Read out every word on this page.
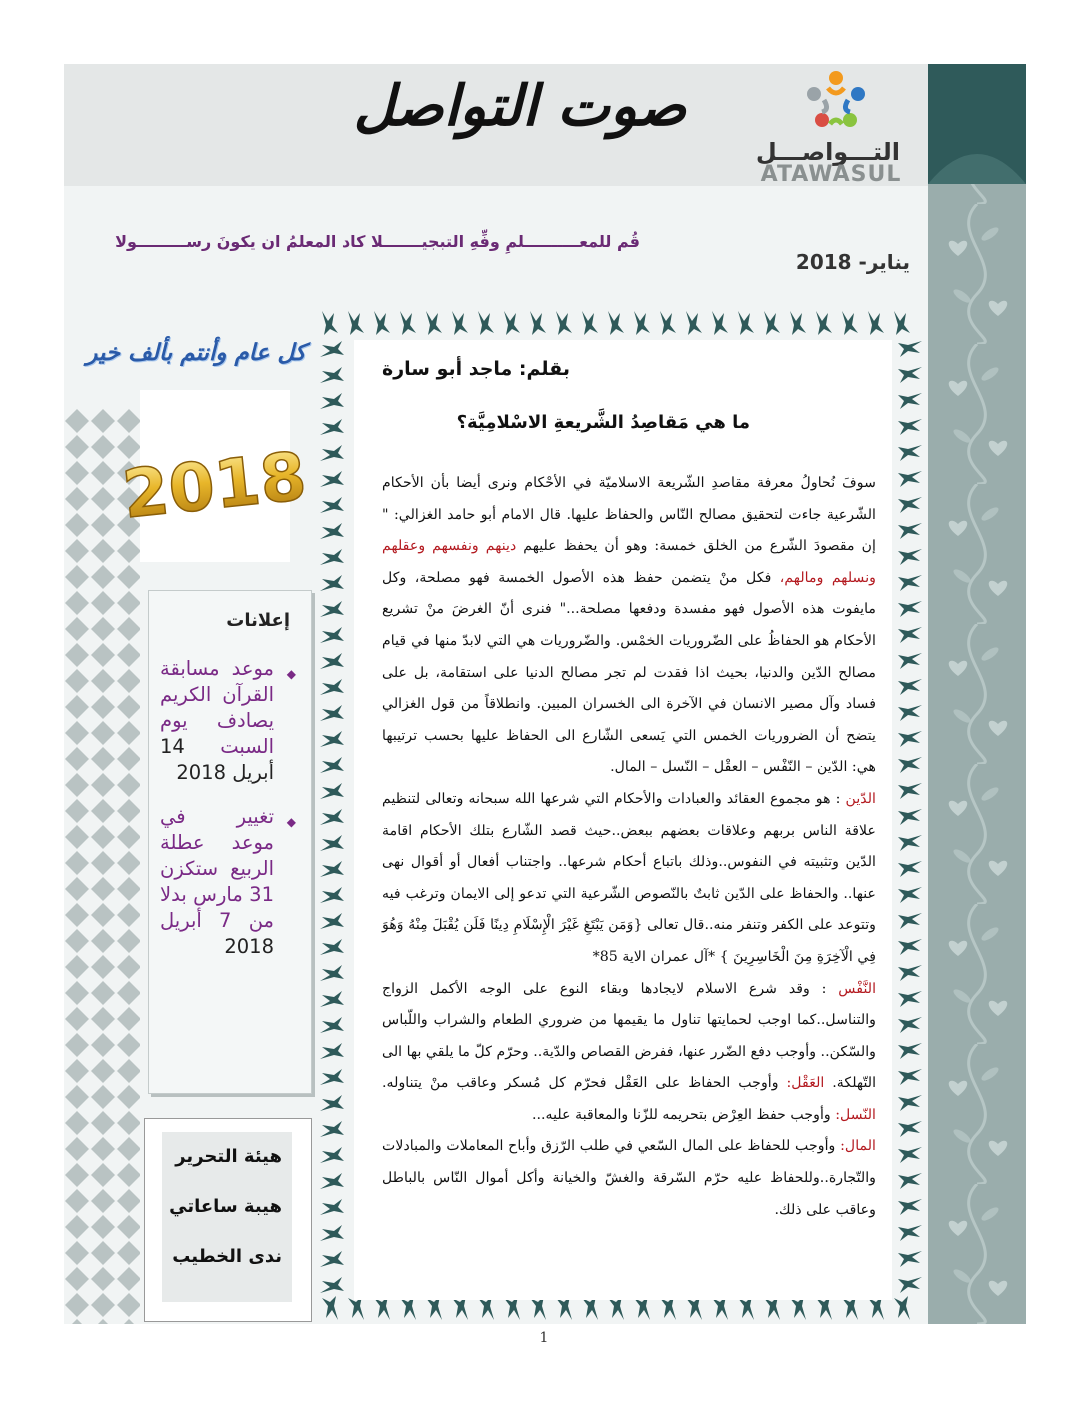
صوت التواصل
التـــواصـــل
ATAWASUL
قُم للمعــــــــــلمِ وفِّهِ التبجيـــــــلا كاد المعلمُ ان يكونَ رســـــــــولا
يناير- 2018
بقلم: ماجد أبو سارة
ما هي مَقاصِدُ الشَّريعةِ الاسْلامِيَّة؟

سوفَ نُحاولُ معرفة مقاصدِ الشّريعة الاسلاميّة في الأحْكام ونرى أيضا بأن الأحكام الشّرعية جاءت لتحقيق مصالح النّاس والحفاظ عليها. قال الامام أبو حامد الغزالي: " إن مقصودَ الشّرع من الخلق خمسة: وهو أن يحفظ عليهم دينهم ونفسهم وعقلهم ونسلهم ومالهم، فكل منْ يتضمن حفظ هذه الأصول الخمسة فهو مصلحة، وكل مايفوت هذه الأصول فهو مفسدة ودفعها مصلحة..." فنرى أنّ الغرضَ منْ تشريع الأحكام هو الحفاظُ على الضّروريات الخمْس. والضّروريات هي التي لابدّ منها في قيام مصالح الدّين والدنيا، بحيث اذا فقدت لم تجر مصالح الدنيا على استقامة، بل على فساد وآل مصير الانسان في الآخرة الى الخسران المبين. وانطلاقاً من قول الغزالي يتضح أن الضروريات الخمس التي يَسعى الشّارع الى الحفاظ عليها بحسب ترتيبها هي: الدّين – النّفْس – العقْل – النّسل – المال.

الدّين : هو مجموع العقائد والعبادات والأحكام التي شرعها الله سبحانه وتعالى لتنظيم علاقة الناس بربهم وعلاقات بعضهم ببعض..حيث قصد الشّارع بتلك الأحكام اقامة الدّين وتثبيته في النفوس..وذلك باتباع أحكام شرعها.. واجتناب أفعال أو أقوال نهى عنها.. والحفاظ على الدّين ثابتٌ بالنّصوص الشّرعية التي تدعو إلى الايمان وترغب فيه وتتوعد على الكفر وتنفر منه..قال تعالى {وَمَن يَبْتَغِ غَيْرَ الْإِسْلَامِ دِينًا فَلَن يُقْبَلَ مِنْهُ وَهُوَ فِي الْآخِرَةِ مِنَ الْخَاسِرِينَ } *آل عمران الاية 85*

النَّفْس : وقد شرع الاسلام لايجادها وبقاء النوع على الوجه الأكمل الزواج والتناسل..كما اوجب لحمايتها تناول ما يقيمها من ضروري الطعام والشراب واللّباس والسّكن.. وأوجب دفع الضّرر عنها، ففرض القصاص والدّية.. وحرّم كلّ ما يلقي بها الى التّهلكة. العَقْل: وأوجب الحفاظ على العَقْل فحرّم كل مُسكر وعاقب منْ يتناوله. النّسل: وأوجب حفظ العِرْض بتحريمه للزّنا والمعاقبة عليه...

المال: وأوجب للحفاظ على المال السّعي في طلب الرّزق وأباح المعاملات والمبادلات والتّجارة..وللحفاظ عليه حرّم السّرقة والغشّ والخيانة وأكل أموال النّاس بالباطل وعاقب على ذلك.

كل عام وأنتم بألف خير
2018
إعلانات
◆
موعد مسابقة القرآن الكريم يصادف يوم السبت 14 أبريل 2018
◆
تغيير في موعد عطلة الربيع ستكزن 31 مارس بدلا من 7 أبريل 2018
هيئة التحرير
هيبة ساعاتي
ندى الخطيب
1
